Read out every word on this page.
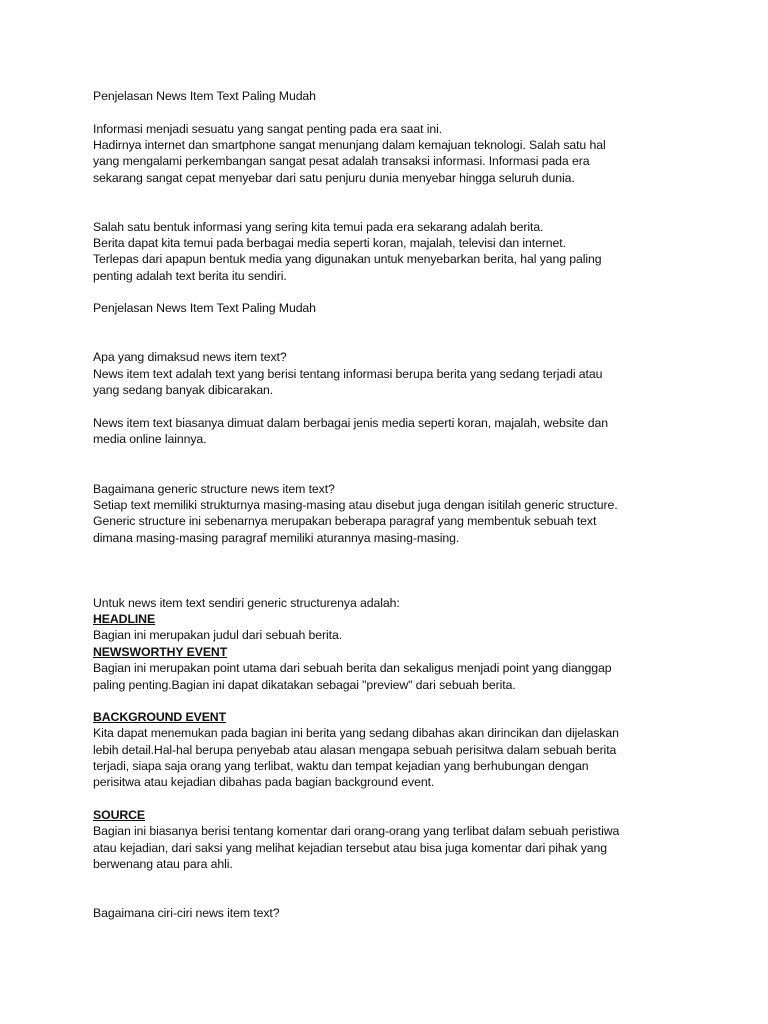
Penjelasan News Item Text Paling Mudah
Informasi menjadi sesuatu yang sangat penting pada era saat ini.
Hadirnya internet dan smartphone sangat menunjang dalam kemajuan teknologi. Salah satu hal
yang mengalami perkembangan sangat pesat adalah transaksi informasi. Informasi pada era
sekarang sangat cepat menyebar dari satu penjuru dunia menyebar hingga seluruh dunia.
Salah satu bentuk informasi yang sering kita temui pada era sekarang adalah berita.
Berita dapat kita temui pada berbagai media seperti koran, majalah, televisi dan internet.
Terlepas dari apapun bentuk media yang digunakan untuk menyebarkan berita, hal yang paling
penting adalah text berita itu sendiri.
Penjelasan News Item Text Paling Mudah
Apa yang dimaksud news item text?
News item text adalah text yang berisi tentang informasi berupa berita yang sedang terjadi atau
yang sedang banyak dibicarakan.
News item text biasanya dimuat dalam berbagai jenis media seperti koran, majalah, website dan
media online lainnya.
Bagaimana generic structure news item text?
Setiap text memiliki strukturnya masing-masing atau disebut juga dengan isitilah generic structure.
Generic structure ini sebenarnya merupakan beberapa paragraf yang membentuk sebuah text
dimana masing-masing paragraf memiliki aturannya masing-masing.
Untuk news item text sendiri generic structurenya adalah:
HEADLINE
Bagian ini merupakan judul dari sebuah berita.
NEWSWORTHY EVENT
Bagian ini merupakan point utama dari sebuah berita dan sekaligus menjadi point yang dianggap
paling penting.Bagian ini dapat dikatakan sebagai "preview" dari sebuah berita.
BACKGROUND EVENT
Kita dapat menemukan pada bagian ini berita yang sedang dibahas akan dirincikan dan dijelaskan
lebih detail.Hal-hal berupa penyebab atau alasan mengapa sebuah perisitwa dalam sebuah berita
terjadi, siapa saja orang yang terlibat, waktu dan tempat kejadian yang berhubungan dengan
perisitwa atau kejadian dibahas pada bagian background event.
SOURCE
Bagian ini biasanya berisi tentang komentar dari orang-orang yang terlibat dalam sebuah peristiwa
atau kejadian, dari saksi yang melihat kejadian tersebut atau bisa juga komentar dari pihak yang
berwenang atau para ahli.
Bagaimana ciri-ciri news item text?
